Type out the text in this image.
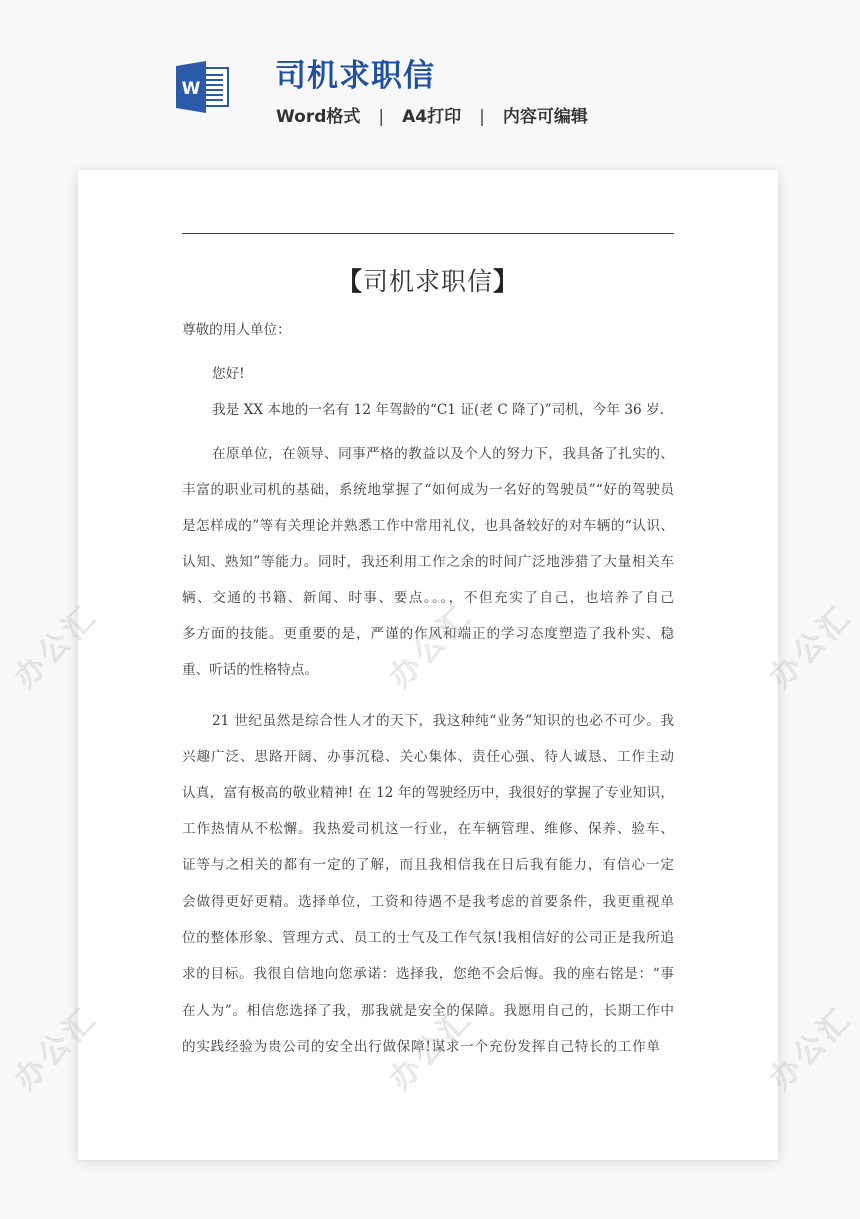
W 司机求职信
Word格式 | A4打印 | 内容可编辑
【司机求职信】
尊敬的用人单位：
您好!
我是 XX 本地的一名有 12 年驾龄的“C1 证(老 C 降了)”司机，今年 36 岁.
在原单位，在领导、同事严格的教益以及个人的努力下，我具备了扎实的、
丰富的职业司机的基础，系统地掌握了“如何成为一名好的驾驶员”“好的驾驶员
是怎样成的”等有关理论并熟悉工作中常用礼仪，也具备较好的对车辆的“认识、
认知、熟知”等能力。同时，我还利用工作之余的时间广泛地涉猎了大量相关车
辆、交通的书籍、新闻、时事、要点。。。，不但充实了自己，也培养了自己
多方面的技能。更重要的是，严谨的作风和端正的学习态度塑造了我朴实、稳
重、听话的性格特点。
21 世纪虽然是综合性人才的天下，我这种纯“业务”知识的也必不可少。我
兴趣广泛、思路开阔、办事沉稳、关心集体、责任心强、待人诚恳、工作主动
认真，富有极高的敬业精神! 在 12 年的驾驶经历中，我很好的掌握了专业知识，
工作热情从不松懈。我热爱司机这一行业，在车辆管理、维修、保养、验车、
证等与之相关的都有一定的了解，而且我相信我在日后我有能力，有信心一定
会做得更好更精。选择单位，工资和待遇不是我考虑的首要条件，我更重视单
位的整体形象、管理方式、员工的士气及工作气氛!我相信好的公司正是我所追
求的目标。我很自信地向您承诺：选择我，您绝不会后悔。我的座右铭是：“事
在人为”。相信您选择了我，那我就是安全的保障。我愿用自己的，长期工作中
的实践经验为贵公司的安全出行做保障!谋求一个充份发挥自己特长的工作单
办公汇	办公汇
办公汇	办公汇
